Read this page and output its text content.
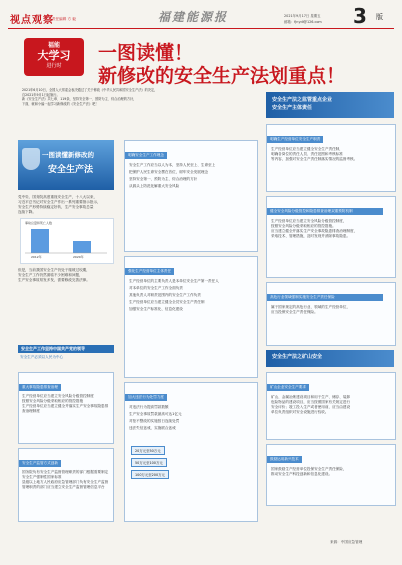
视点观察
责任编辑 方 毅	福建能源报	2021年9月17日 星期五
邮箱：fjnydl@126.com 3 版
福能
大学习
进行时
一图读懂！
新修改的安全生产法划重点！
2021年6月10日，全国人大常委会表决通过了关于修改《中华人民共和国安全生产法》的决定，
自2021年9月1日起施行。
新《安全生产法》共七章、119条，坚持安全第一、预防为主、综合治理的方针，
下面，就和小编一起学习新修改的《安全生产法》吧！
一图读懂新修改的
安全生产法
党中央、国务院高度重视安全生产，十八大以来，
习近平总书记对安全生产作出一系列重要指示批示，
安全生产形势持续稳定好转，生产安全事故总量
连续下降。
2012年	2020年
事故总量和死亡人数
但是，当前我国安全生产仍处于爬坡过坎期，
安全生产工作仍然面临不少困难和问题，
生产安全事故易发多发，需要修改完善法律。
安全生产工作坚持中国共产党的领导
安全生产必须以人民为中心
重大事故隐患排查治理
生产经营单位应当建立安全风险分级管控制度
按照安全风险分级采取相应的管控措施
生产经营单位应当建立健全并落实生产安全事故隐患排查治理制度
安全生产监管方式创新
国务院负有安全生产监督管理职责的部门根据需要制定安全生产强制性国家标准
县级以上地方人民政府应急管理部门负有安全生产监督管理职责的部门应当建立安全生产监督管理信息平台
明确安全生产工作理念
安全生产工作应当以人为本，坚持人民至上、生命至上
把保护人民生命安全摆在首位，树牢安全发展理念
坚持安全第一、预防为主、综合治理的方针
从源头上防范化解重大安全风险
强化生产经营单位主体责任
生产经营单位的主要负责人是本单位安全生产第一责任人
对本单位的安全生产工作全面负责
其他负责人对职责范围内的安全生产工作负责
生产经营单位应当建立健全全员安全生产责任制
加强安全生产标准化、信息化建设
加大违法行为处罚力度
对违法行为提高罚款数额
生产安全事故罚款最高可达1亿元
对拒不整改的实施按日连续处罚
违法失信惩戒，实施联合惩戒
20万元至50万元
50万元至100万元
100万元至200万元
安全生产法之监管重点企业
安全生产主体责任
明确生产经营单位安全生产职责
生产经营单位应当建立健全安全生产责任制，
明确各岗位的责任人员、责任范围和考核标准
等内容，加强对安全生产责任制落实情况的监督考核。
健全安全风险分级管控和隐患排查治理双重预防机制
生产经营单位应当建立安全风险分级管控制度，
按照安全风险分级采取相应的管控措施。
应当建立健全并落实生产安全事故隐患排查治理制度，
采取技术、管理措施，及时发现并消除事故隐患。
高危行业领域强制实施安全生产责任保险
属于国家规定的高危行业、领域的生产经营单位，
应当投保安全生产责任保险。
安全生产法之矿山安全
矿山企业安全生产要求
矿山、金属冶炼建设项目和用于生产、储存、装卸
危险物品的建设项目，应当按照国家有关规定进行
安全评价；竣工投入生产或者使用前，应当由建设
单位负责组织对安全设施进行验收。
鼓励运用新兴技术
国家鼓励生产经营单位投保安全生产责任保险，
推动安全生产科技创新和信息化建设。
来源：中国应急管理
